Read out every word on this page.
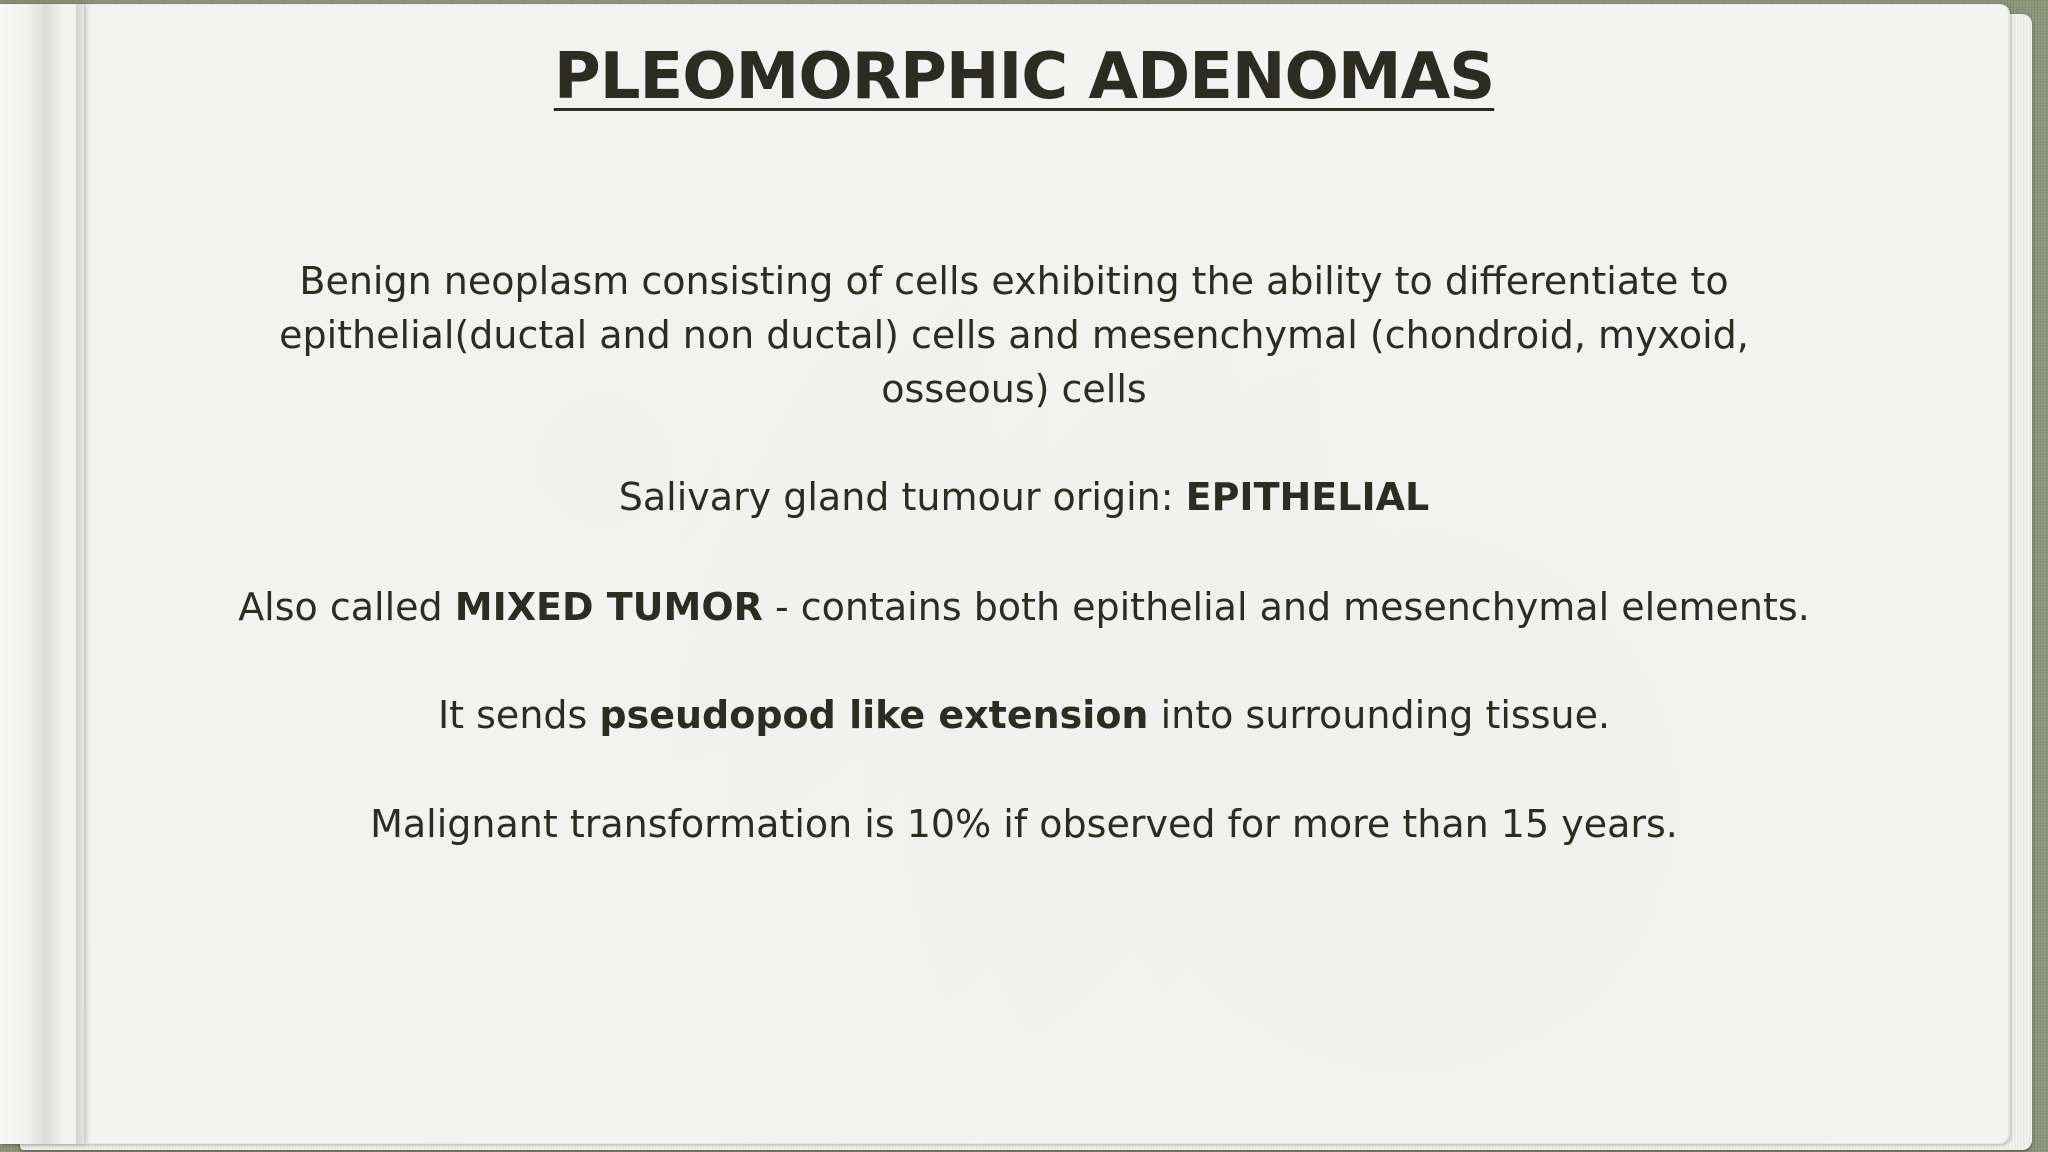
PLEOMORPHIC ADENOMAS

Benign neoplasm consisting of cells exhibiting the ability to differentiate to epithelial(ductal and non ductal) cells and mesenchymal (chondroid, myxoid, osseous) cells

Salivary gland tumour origin: EPITHELIAL

Also called MIXED TUMOR - contains both epithelial and mesenchymal elements.

It sends pseudopod like extension into surrounding tissue.

Malignant transformation is 10% if observed for more than 15 years.
